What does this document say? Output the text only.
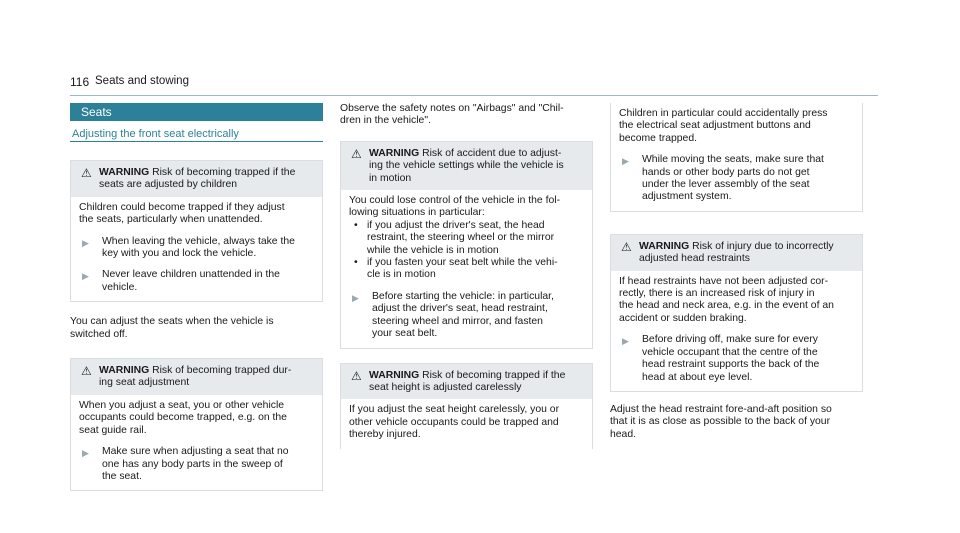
116 Seats and stowing
Seats
Adjusting the front seat electrically
⚠ WARNING Risk of becoming trapped if the
seats are adjusted by children

Children could become trapped if they adjust
the seats, particularly when unattended.

▶ When leaving the vehicle, always take the
key with you and lock the vehicle.
▶ Never leave children unattended in the
vehicle.

You can adjust the seats when the vehicle is
switched off.

⚠ WARNING Risk of becoming trapped dur-
ing seat adjustment

When you adjust a seat, you or other vehicle
occupants could become trapped, e.g. on the
seat guide rail.

▶ Make sure when adjusting a seat that no
one has any body parts in the sweep of
the seat.

Observe the safety notes on "Airbags" and "Chil-
dren in the vehicle".

⚠ WARNING Risk of accident due to adjust-
ing the vehicle settings while the vehicle is
in motion

You could lose control of the vehicle in the fol-
lowing situations in particular:

• if you adjust the driver's seat, the head
restraint, the steering wheel or the mirror
while the vehicle is in motion
• if you fasten your seat belt while the vehi-
cle is in motion
▶ Before starting the vehicle: in particular,
adjust the driver's seat, head restraint,
steering wheel and mirror, and fasten
your seat belt.
⚠ WARNING Risk of becoming trapped if the
seat height is adjusted carelessly

If you adjust the seat height carelessly, you or
other vehicle occupants could be trapped and
thereby injured.

Children in particular could accidentally press
the electrical seat adjustment buttons and
become trapped.

▶ While moving the seats, make sure that
hands or other body parts do not get
under the lever assembly of the seat
adjustment system.
⚠ WARNING Risk of injury due to incorrectly
adjusted head restraints

If head restraints have not been adjusted cor-
rectly, there is an increased risk of injury in
the head and neck area, e.g. in the event of an
accident or sudden braking.

▶ Before driving off, make sure for every
vehicle occupant that the centre of the
head restraint supports the back of the
head at about eye level.

Adjust the head restraint fore-and-aft position so
that it is as close as possible to the back of your
head.
